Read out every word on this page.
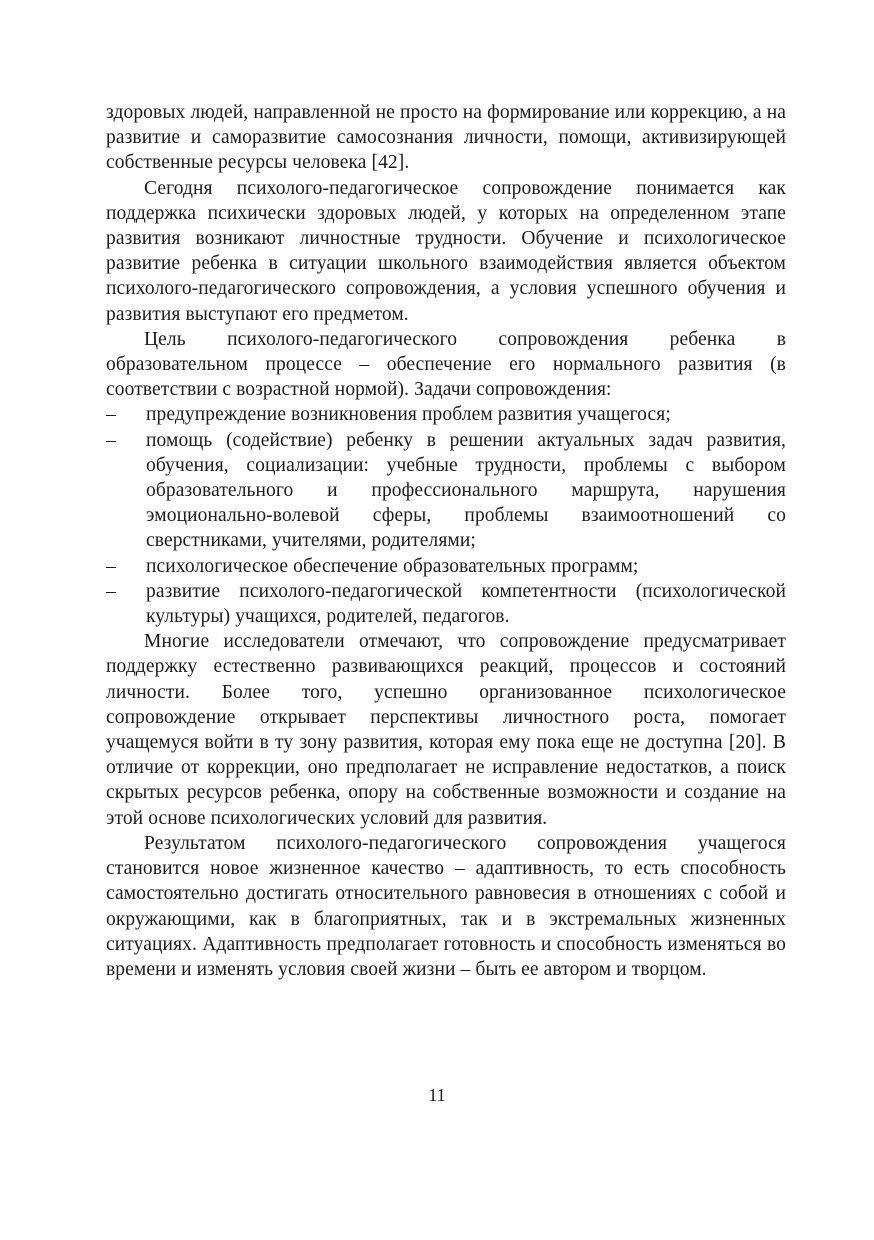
здоровых людей, направленной не просто на формирование или коррекцию, а на развитие и саморазвитие самосознания личности, помощи, активизирующей собственные ресурсы человека [42].

Сегодня психолого-педагогическое сопровождение понимается как поддержка психически здоровых людей, у которых на определенном этапе развития возникают личностные трудности. Обучение и психологическое развитие ребенка в ситуации школьного взаимодействия является объектом психолого-педагогического сопровождения, а условия успешного обучения и развития выступают его предметом.

Цель психолого-педагогического сопровождения ребенка в образовательном процессе – обеспечение его нормального развития (в соответствии с возрастной нормой). Задачи сопровождения:

– предупреждение возникновения проблем развития учащегося;

– помощь (содействие) ребенку в решении актуальных задач развития, обучения, социализации: учебные трудности, проблемы с выбором образовательного и профессионального маршрута, нарушения эмоционально-волевой сферы, проблемы взаимоотношений со сверстниками, учителями, родителями;

– психологическое обеспечение образовательных программ;

– развитие психолого-педагогической компетентности (психологической культуры) учащихся, родителей, педагогов.

Многие исследователи отмечают, что сопровождение предусматривает поддержку естественно развивающихся реакций, процессов и состояний личности. Более того, успешно организованное психологическое сопровождение открывает перспективы личностного роста, помогает учащемуся войти в ту зону развития, которая ему пока еще не доступна [20]. В отличие от коррекции, оно предполагает не исправление недостатков, а поиск скрытых ресурсов ребенка, опору на собственные возможности и создание на этой основе психологических условий для развития.

Результатом психолого-педагогического сопровождения учащегося становится новое жизненное качество – адаптивность, то есть способность самостоятельно достигать относительного равновесия в отношениях с собой и окружающими, как в благоприятных, так и в экстремальных жизненных ситуациях. Адаптивность предполагает готовность и способность изменяться во времени и изменять условия своей жизни – быть ее автором и творцом.

11
